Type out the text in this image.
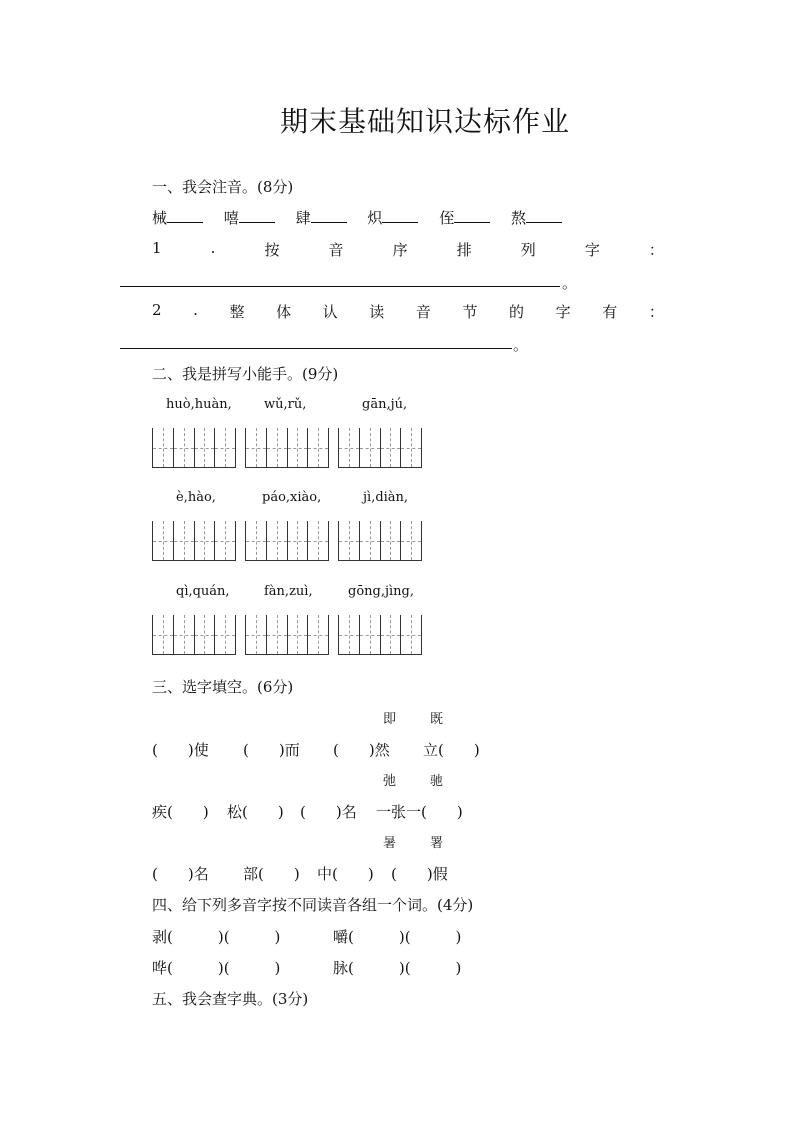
期末基础知识达标作业
一、我会注音。(8分)
械	嘻	肆	炽	侄	熬
1	.	按	音	序	排	列	字	：
。
2 . 整 体 认 读 音 节 的 字 有 ：
。
二、我是拼写小能手。(9分)
huò,huàn, wǔ,rǔ,	gān,jú,
è,hào,	páo,xiào,	jì,diàn,
qì,quán,	fàn,zuì,	gōng,jìng,
三、选字填空。(6分)
即	既
(　　)使 (　　)而 (　　)然 立(　　)
弛	驰
疾(　　) 松(　　) (　　)名 一张一(　　)
暑	署
(　　)名 部(　　) 中(　　) (　　)假
四、给下列多音字按不同读音各组一个词。(4分)
剥(　　　)(　　　)	嚼(　　　)(　　　)
哗(　　　)(　　　)	脉(　　　)(　　　)
五、我会查字典。(3分)
